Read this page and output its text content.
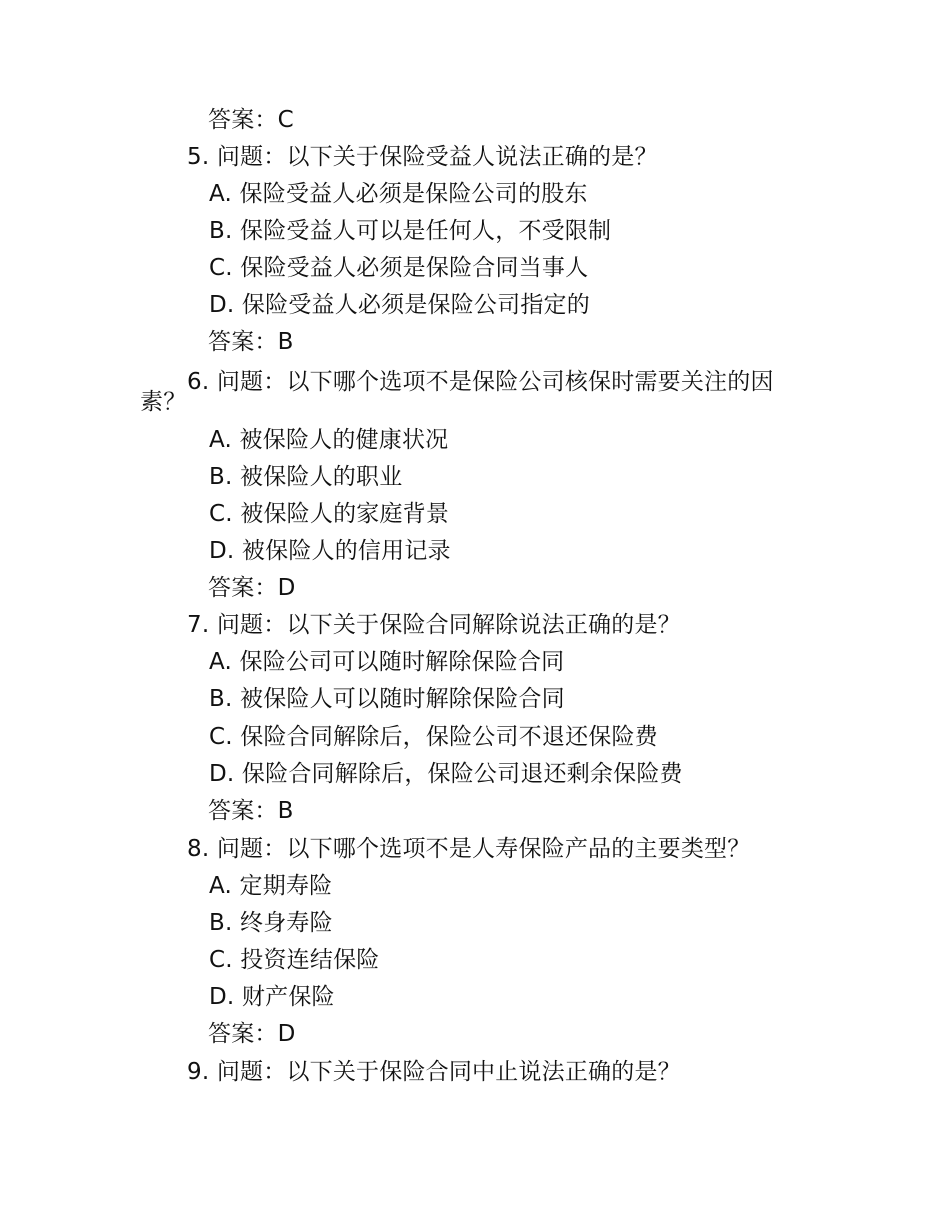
答案：C
5. 问题：以下关于保险受益人说法正确的是？
A. 保险受益人必须是保险公司的股东
B. 保险受益人可以是任何人，不受限制
C. 保险受益人必须是保险合同当事人
D. 保险受益人必须是保险公司指定的
答案：B
6. 问题：以下哪个选项不是保险公司核保时需要关注的因
素？
A. 被保险人的健康状况
B. 被保险人的职业
C. 被保险人的家庭背景
D. 被保险人的信用记录
答案：D
7. 问题：以下关于保险合同解除说法正确的是？
A. 保险公司可以随时解除保险合同
B. 被保险人可以随时解除保险合同
C. 保险合同解除后，保险公司不退还保险费
D. 保险合同解除后，保险公司退还剩余保险费
答案：B
8. 问题：以下哪个选项不是人寿保险产品的主要类型？
A. 定期寿险
B. 终身寿险
C. 投资连结保险
D. 财产保险
答案：D
9. 问题：以下关于保险合同中止说法正确的是？
